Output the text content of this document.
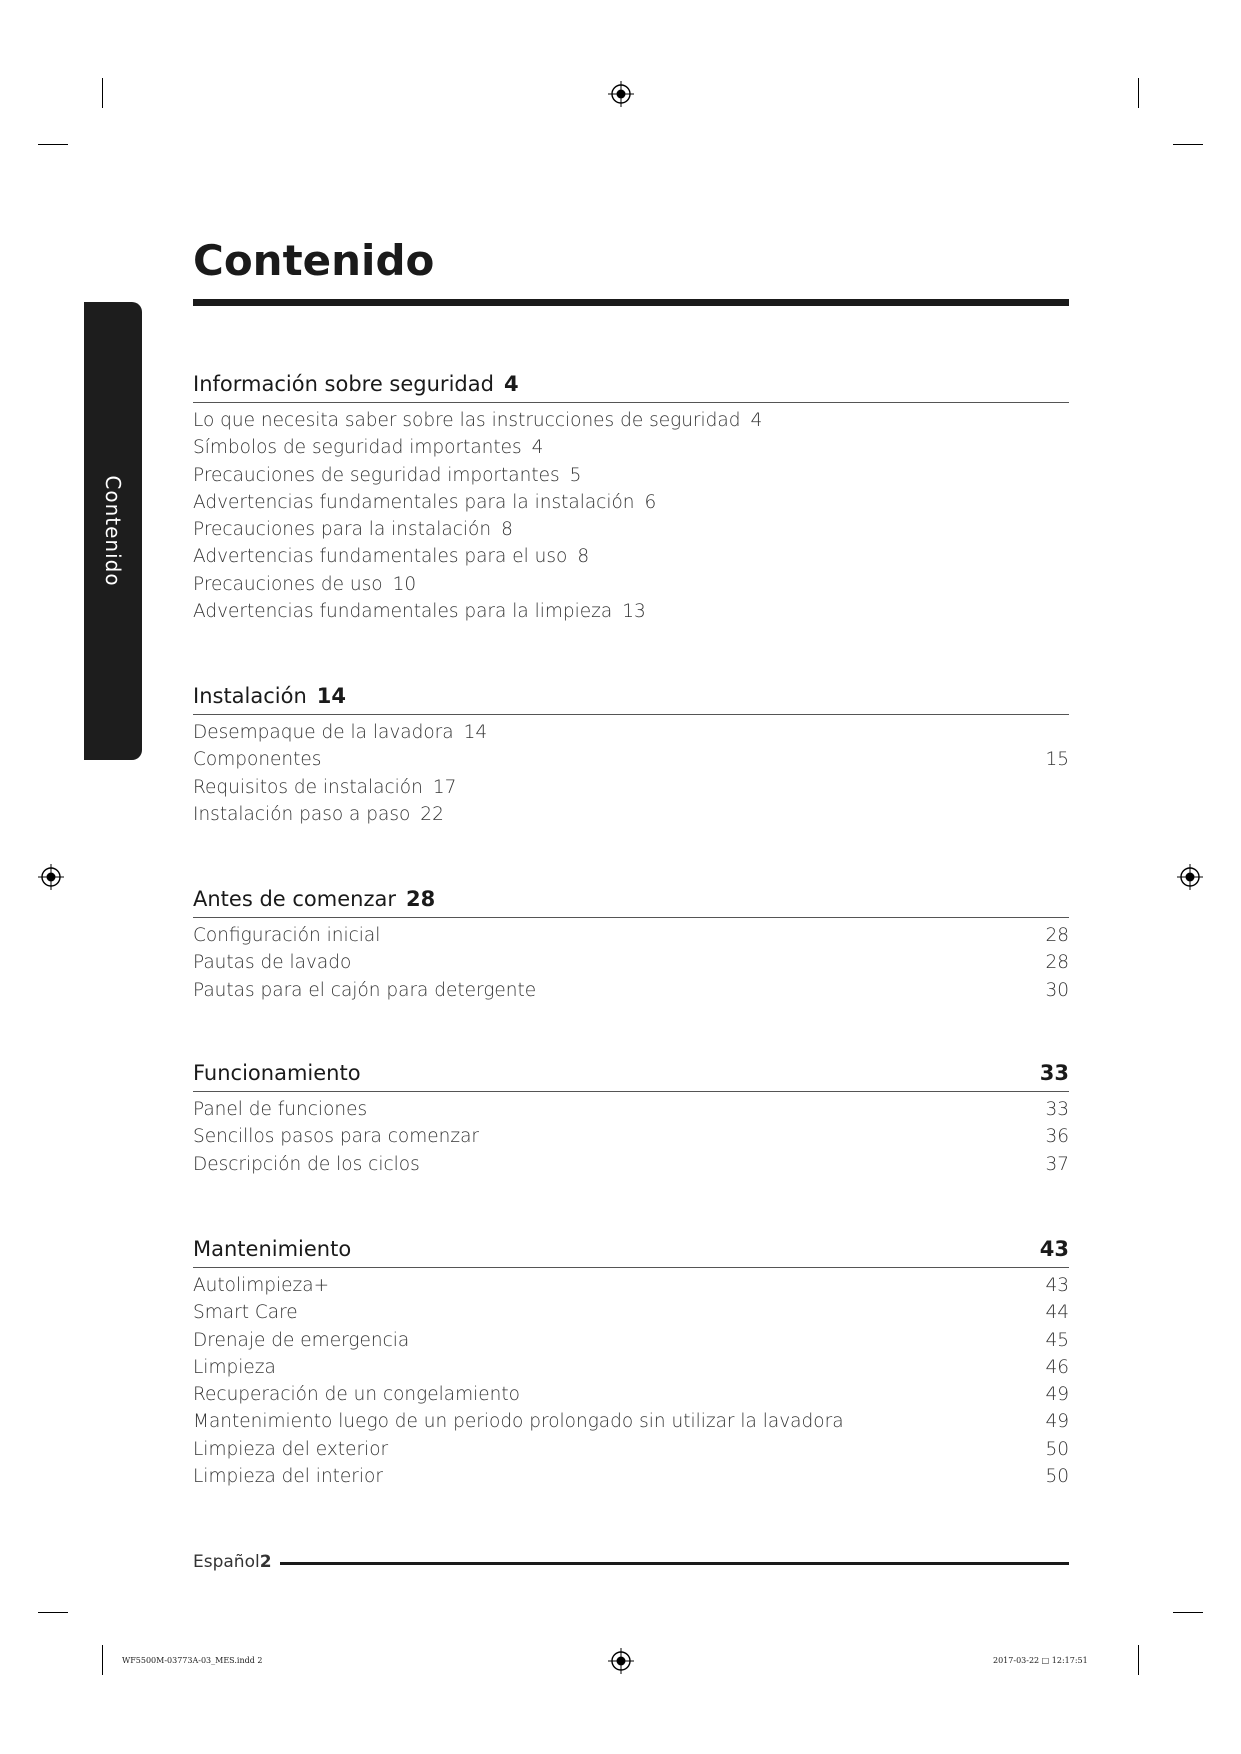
Contenido
Contenido
Información sobre seguridad 4
Lo que necesita saber sobre las instrucciones de seguridad 4
Símbolos de seguridad importantes 4
Precauciones de seguridad importantes 5
Advertencias fundamentales para la instalación 6
Precauciones para la instalación 8
Advertencias fundamentales para el uso 8
Precauciones de uso 10
Advertencias fundamentales para la limpieza 13
Instalación 14
Desempaque de la lavadora 14
Componentes	15
Requisitos de instalación 17
Instalación paso a paso 22
Antes de comenzar 28
Configuración inicial	28
Pautas de lavado	28
Pautas para el cajón para detergente	30
Funcionamiento	33
Panel de funciones	33
Sencillos pasos para comenzar	36
Descripción de los ciclos	37
Mantenimiento	43
Autolimpieza+	43
Smart Care	44
Drenaje de emergencia	45
Limpieza	46
Recuperación de un congelamiento	49
Mantenimiento luego de un periodo prolongado sin utilizar la lavadora	49
Limpieza del exterior	50
Limpieza del interior	50
Español2
WF5500M-03773A-03_MES.indd 2	2017-03-22 □ 12:17:51
